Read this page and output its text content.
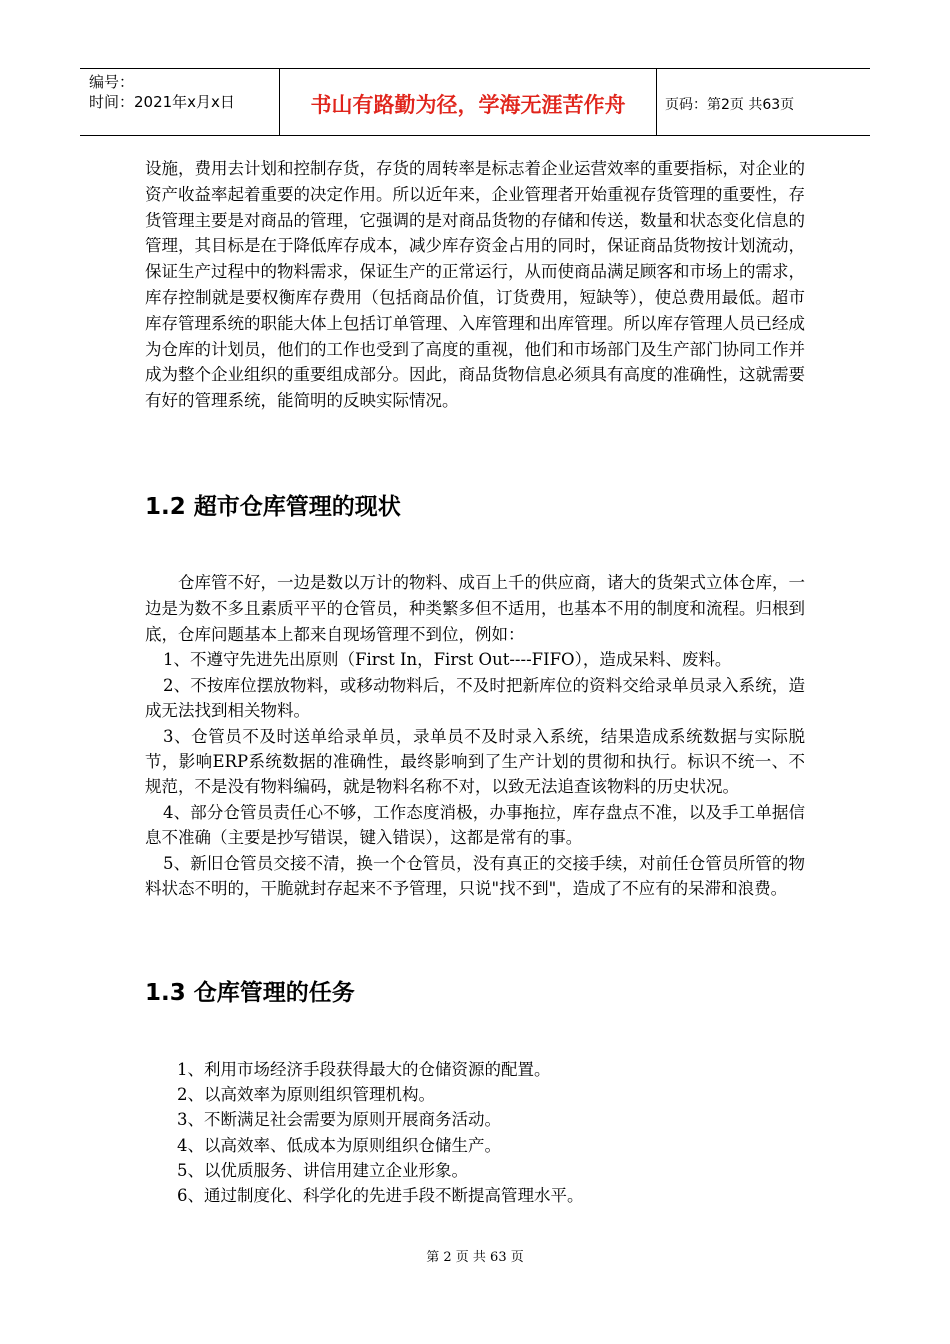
编号：
时间：2021年x月x日	书山有路勤为径，学海无涯苦作舟	页码：第2页 共63页

设施，费用去计划和控制存货，存货的周转率是标志着企业运营效率的重要指标，对企业的资产收益率起着重要的决定作用。所以近年来，企业管理者开始重视存货管理的重要性，存货管理主要是对商品的管理，它强调的是对商品货物的存储和传送，数量和状态变化信息的管理，其目标是在于降低库存成本，减少库存资金占用的同时，保证商品货物按计划流动，保证生产过程中的物料需求，保证生产的正常运行，从而使商品满足顾客和市场上的需求，库存控制就是要权衡库存费用（包括商品价值，订货费用，短缺等），使总费用最低。超市库存管理系统的职能大体上包括订单管理、入库管理和出库管理。所以库存管理人员已经成为仓库的计划员，他们的工作也受到了高度的重视，他们和市场部门及生产部门协同工作并成为整个企业组织的重要组成部分。因此，商品货物信息必须具有高度的准确性，这就需要有好的管理系统，能简明的反映实际情况。

1.2 超市仓库管理的现状

仓库管不好，一边是数以万计的物料、成百上千的供应商，诸大的货架式立体仓库，一边是为数不多且素质平平的仓管员，种类繁多但不适用，也基本不用的制度和流程。归根到底，仓库问题基本上都来自现场管理不到位，例如：

1、不遵守先进先出原则（First In，First Out----FIFO），造成呆料、废料。

2、不按库位摆放物料，或移动物料后，不及时把新库位的资料交给录单员录入系统，造成无法找到相关物料。

3、仓管员不及时送单给录单员，录单员不及时录入系统，结果造成系统数据与实际脱节，影响ERP系统数据的准确性，最终影响到了生产计划的贯彻和执行。标识不统一、不规范，不是没有物料编码，就是物料名称不对，以致无法追查该物料的历史状况。

4、部分仓管员责任心不够，工作态度消极，办事拖拉，库存盘点不准，以及手工单据信息不准确（主要是抄写错误，键入错误），这都是常有的事。

5、新旧仓管员交接不清，换一个仓管员，没有真正的交接手续，对前任仓管员所管的物料状态不明的，干脆就封存起来不予管理，只说"找不到"，造成了不应有的呆滞和浪费。

1.3 仓库管理的任务

1、利用市场经济手段获得最大的仓储资源的配置。

2、以高效率为原则组织管理机构。

3、不断满足社会需要为原则开展商务活动。

4、以高效率、低成本为原则组织仓储生产。

5、以优质服务、讲信用建立企业形象。

6、通过制度化、科学化的先进手段不断提高管理水平。

第 2 页 共 63 页
